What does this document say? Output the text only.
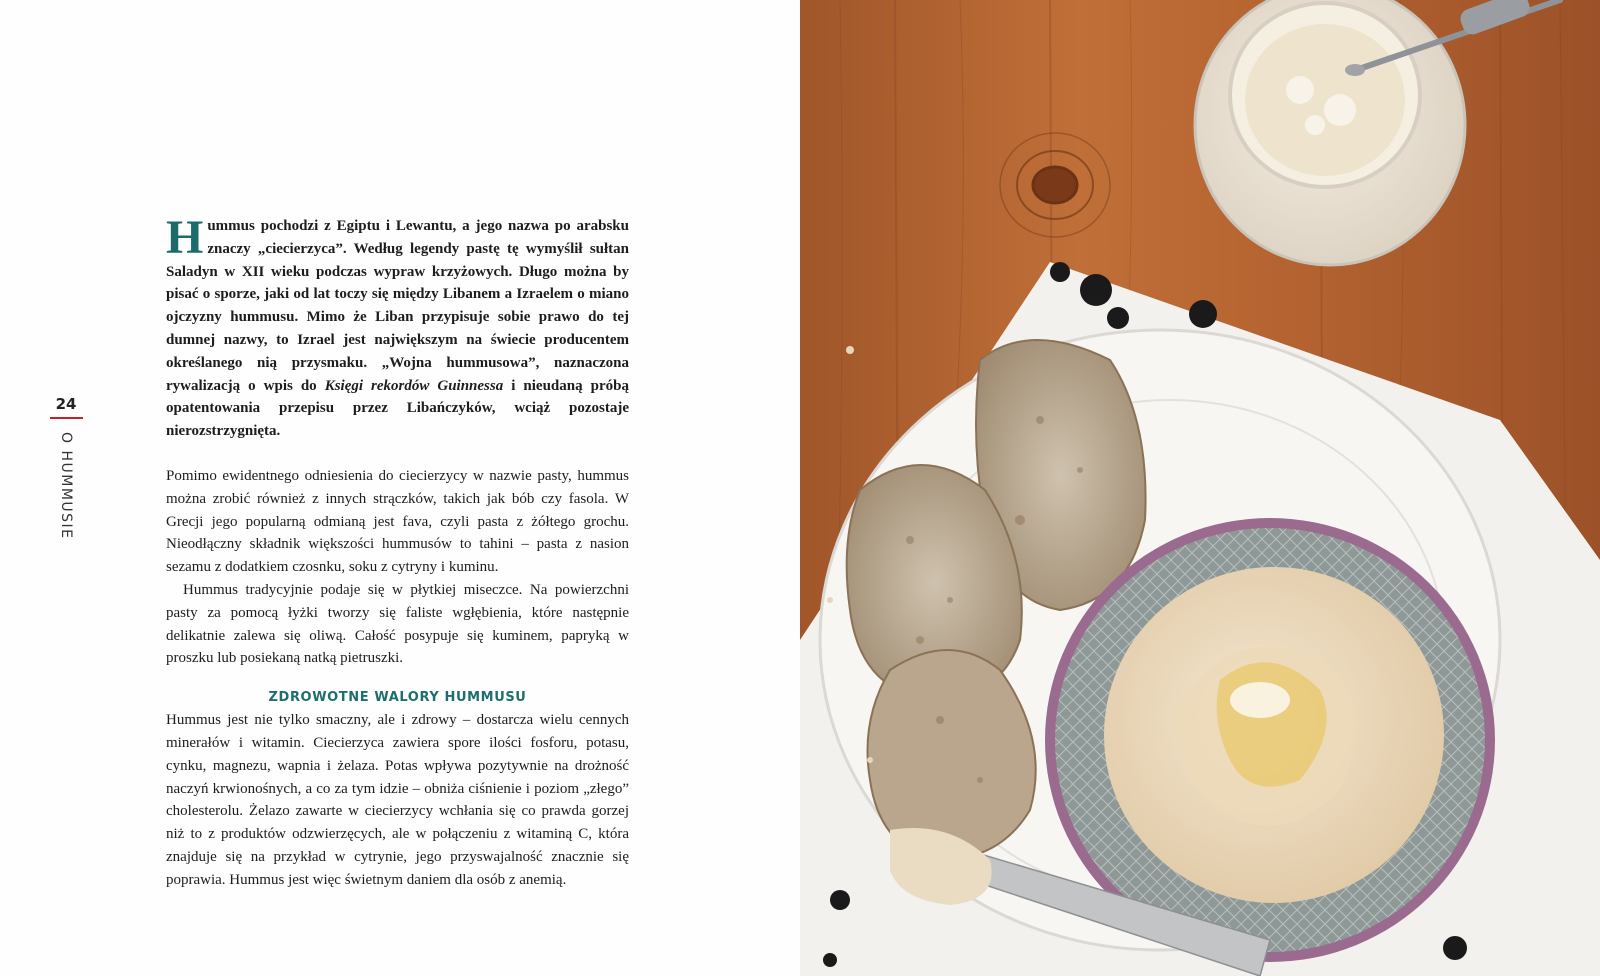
24
O HUMMUSIE

Hummus pochodzi z Egiptu i Lewantu, a jego nazwa po arabsku znaczy „ciecierzyca”. Według legendy pastę tę wymyślił sułtan Saladyn w XII wieku podczas wypraw krzyżowych. Długo można by pisać o sporze, jaki od lat toczy się między Libanem a Izraelem o miano ojczyzny hummusu. Mimo że Liban przypisuje sobie prawo do tej dumnej nazwy, to Izrael jest największym na świecie producentem określanego nią przysmaku. „Wojna hummusowa”, naznaczona rywalizacją o wpis do Księgi rekordów Guinnessa i nieudaną próbą opatentowania przepisu przez Libańczyków, wciąż pozostaje nierozstrzygnięta.

Pomimo ewidentnego odniesienia do ciecierzycy w nazwie pasty, hummus można zrobić również z innych strączków, takich jak bób czy fasola. W Grecji jego popularną odmianą jest fava, czyli pasta z żółtego grochu. Nieodłączny składnik większości hummusów to tahini – pasta z nasion sezamu z dodatkiem czosnku, soku z cytryny i kuminu.

Hummus tradycyjnie podaje się w płytkiej miseczce. Na powierzchni pasty za pomocą łyżki tworzy się faliste wgłębienia, które następnie delikatnie zalewa się oliwą. Całość posypuje się kuminem, papryką w proszku lub posiekaną natką pietruszki.

ZDROWOTNE WALORY HUMMUSU

Hummus jest nie tylko smaczny, ale i zdrowy – dostarcza wielu cennych minerałów i witamin. Ciecierzyca zawiera spore ilości fosforu, potasu, cynku, magnezu, wapnia i żelaza. Potas wpływa pozytywnie na drożność naczyń krwionośnych, a co za tym idzie – obniża ciśnienie i poziom „złego” cholesterolu. Żelazo zawarte w ciecierzycy wchłania się co prawda gorzej niż to z produktów odzwierzęcych, ale w połączeniu z witaminą C, która znajduje się na przykład w cytrynie, jego przyswajalność znacznie się poprawia. Hummus jest więc świetnym daniem dla osób z anemią.
